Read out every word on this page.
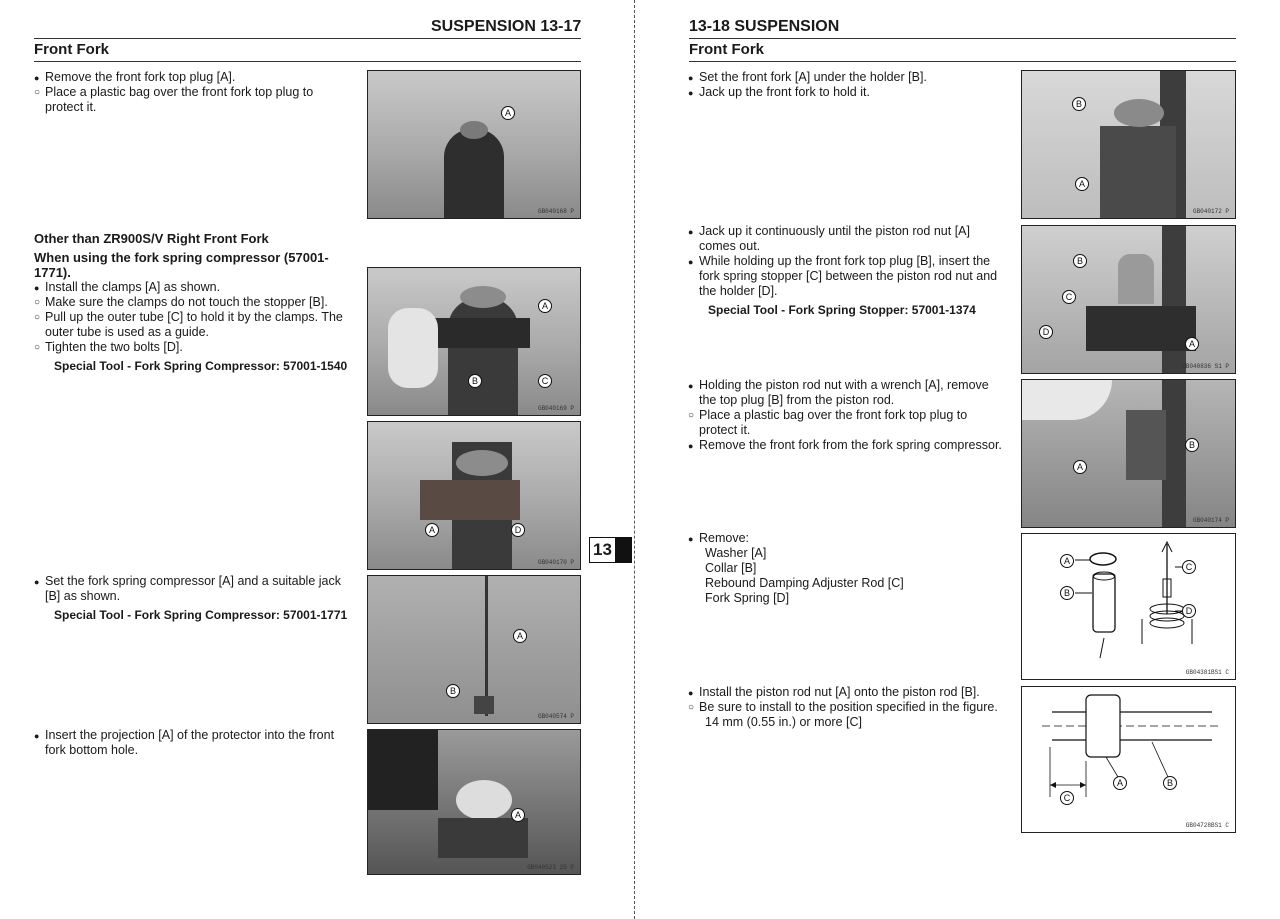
SUSPENSION 13-17
Front Fork

● Remove the front fork top plug [A].

○ Place a plastic bag over the front fork top plug to protect it.

Other than ZR900S/V Right Front Fork

When using the fork spring compressor (57001-1771).

● Install the clamps [A] as shown.

○ Make sure the clamps do not touch the stopper [B].

○ Pull up the outer tube [C] to hold it by the clamps. The outer tube is used as a guide.

○ Tighten the two bolts [D].

Special Tool - Fork Spring Compressor: 57001-1540

● Set the fork spring compressor [A] and a suitable jack [B] as shown.

Special Tool - Fork Spring Compressor: 57001-1771

● Insert the projection [A] of the protector into the front fork bottom hole.

A
GB040168 P
A
B	C
GB040169 P
A	D
GB040170 P
A
B
GB040574 P
A
GB040523 25 P
13
13-18 SUSPENSION
Front Fork

● Set the front fork [A] under the holder [B].

● Jack up the front fork to hold it.

● Jack up it continuously until the piston rod nut [A] comes out.

● While holding up the front fork top plug [B], insert the fork spring stopper [C] between the piston rod nut and the holder [D].

Special Tool - Fork Spring Stopper: 57001-1374

● Holding the piston rod nut with a wrench [A], remove the top plug [B] from the piston rod.

○ Place a plastic bag over the front fork top plug to protect it.

● Remove the front fork from the fork spring compressor.

● Remove:

Washer [A]
Collar [B]
Rebound Damping Adjuster Rod [C]
Fork Spring [D]

● Install the piston rod nut [A] onto the piston rod [B].

○ Be sure to install to the position specified in the figure.

14 mm (0.55 in.) or more [C]
B
A
GB040172 P
B
C
D
A
GB040836 S1 P
B
A
GB040174 P
A
B
C
D
GB04381BS1 C
A	B
C
GB04728BS1 C
